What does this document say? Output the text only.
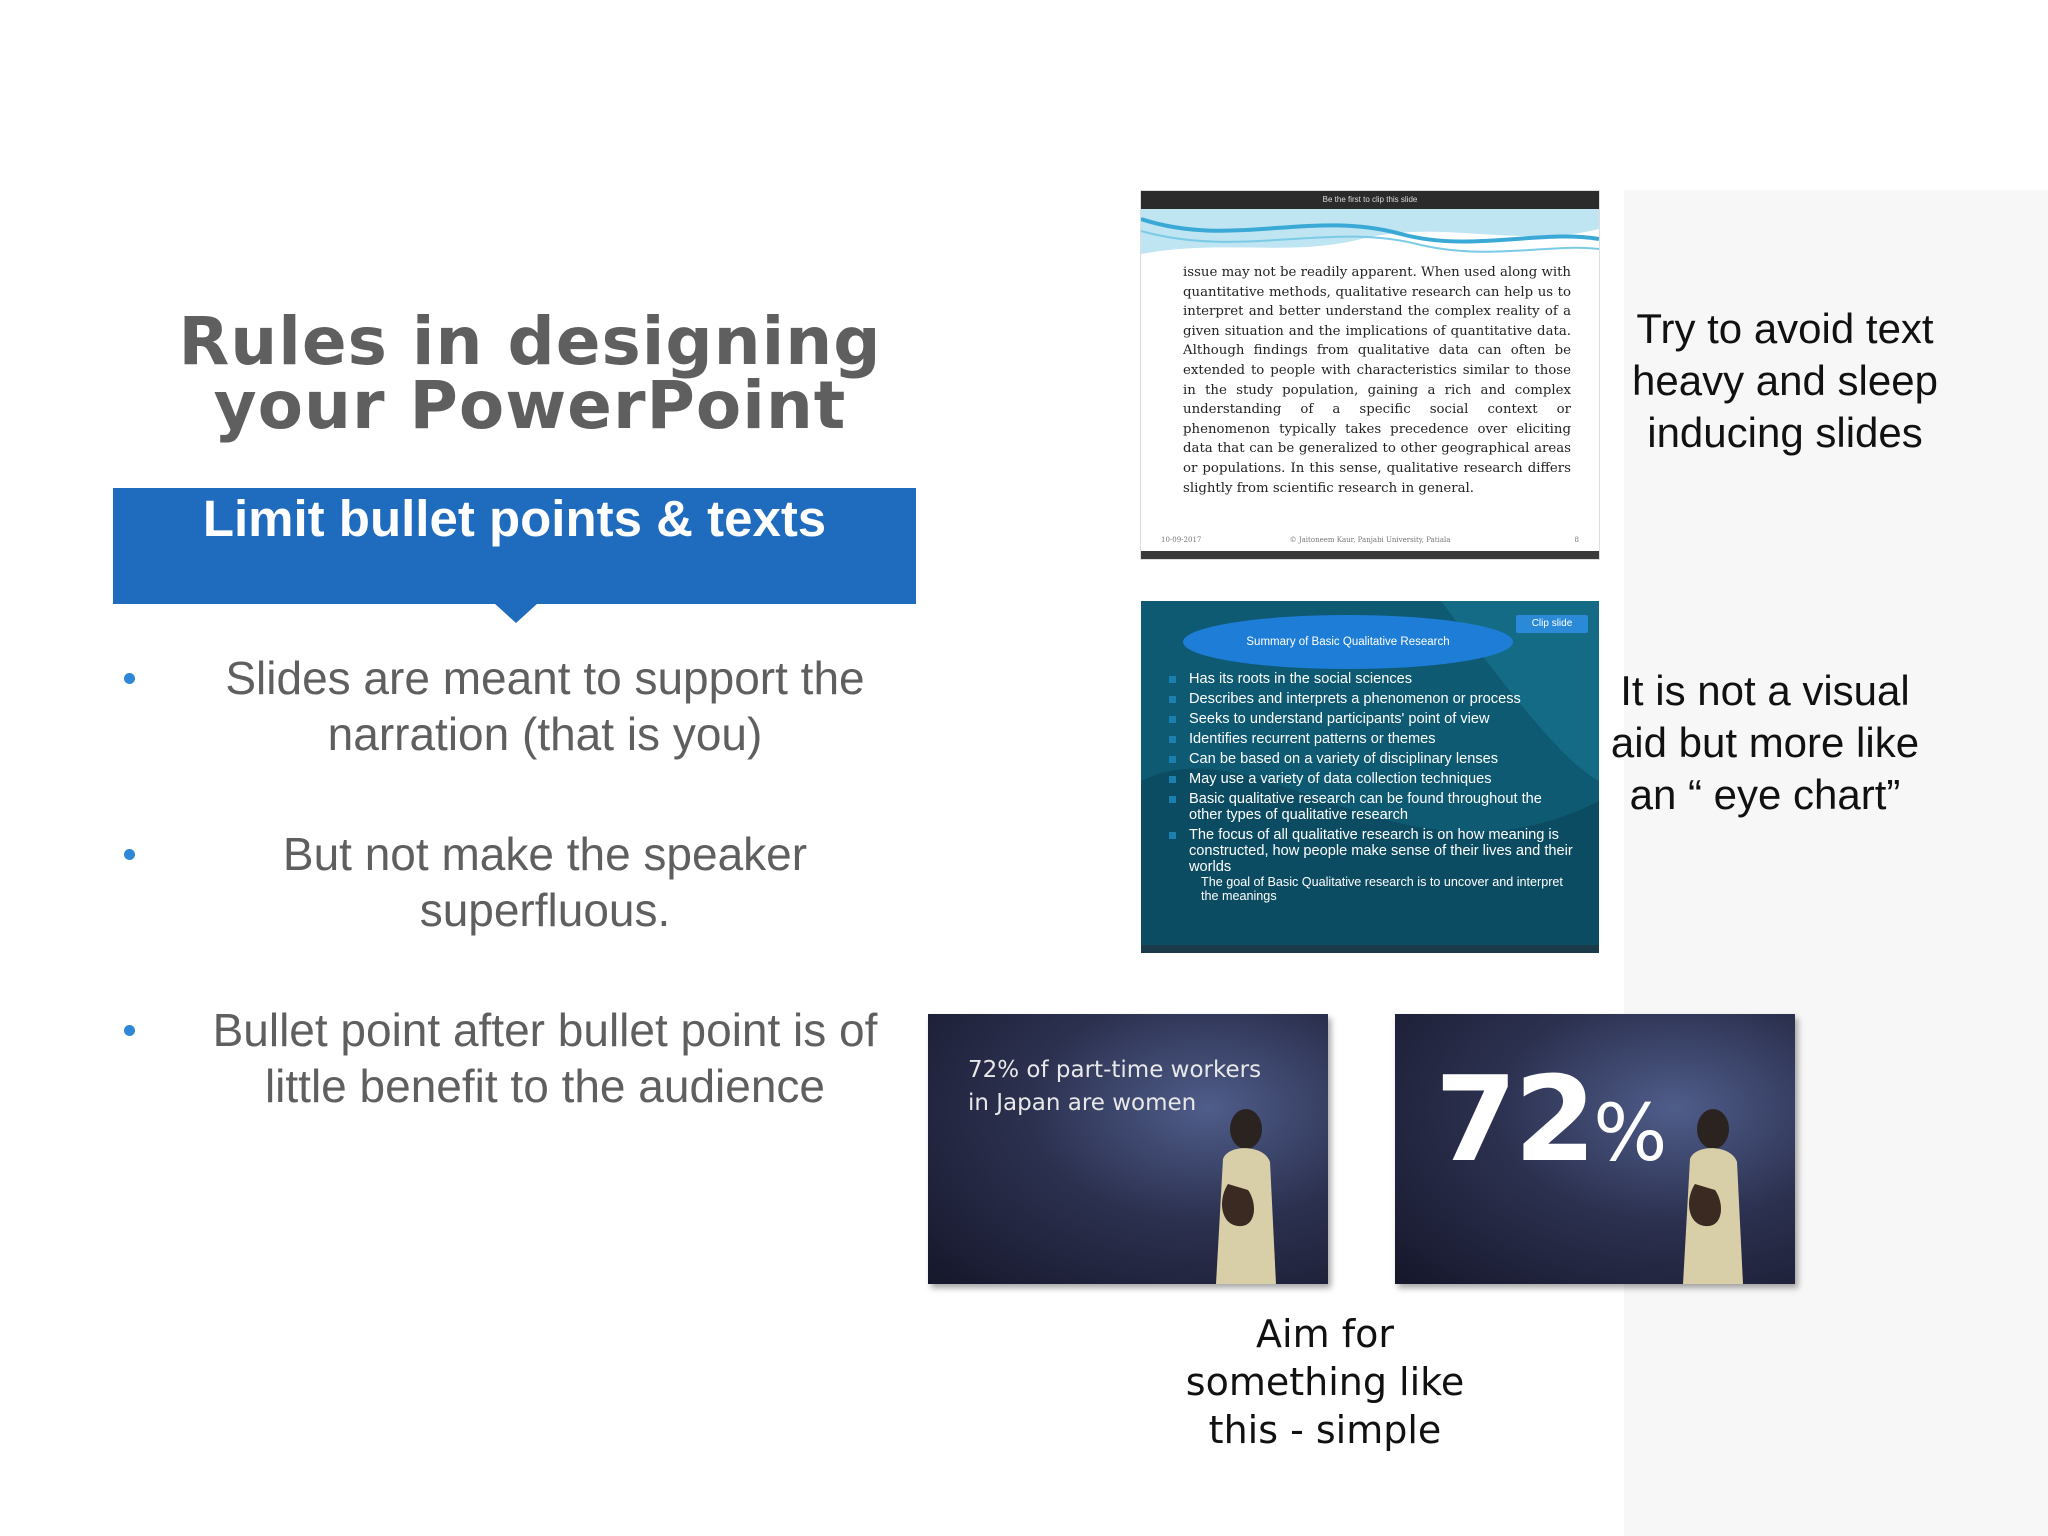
Rules in designing your PowerPoint
Limit bullet points & texts
Slides are meant to support the narration (that is you)
But not make the speaker superfluous.
Bullet point after bullet point is of little benefit to the audience
Be the first to clip this slide
issue may not be readily apparent. When used along with quantitative methods, qualitative research can help us to interpret and better understand the complex reality of a given situation and the implications of quantitative data. Although findings from qualitative data can often be extended to people with characteristics similar to those in the study population, gaining a rich and complex understanding of a specific social context or phenomenon typically takes precedence over eliciting data that can be generalized to other geographical areas or populations. In this sense, qualitative research differs slightly from scientific research in general.
10-09-2017	© Jaitoneem Kaur, Panjabi University, Patiala	8
Try to avoid text heavy and sleep inducing slides
Summary of Basic Qualitative Research
Clip slide
Has its roots in the social sciences
Describes and interprets a phenomenon or process
Seeks to understand participants' point of view
Identifies recurrent patterns or themes
Can be based on a variety of disciplinary lenses
May use a variety of data collection techniques
Basic qualitative research can be found throughout the other types of qualitative research
The focus of all qualitative research is on how meaning is constructed, how people make sense of their lives and their worlds
The goal of Basic Qualitative research is to uncover and interpret the meanings
It is not a visual aid but more like an “ eye chart”
72% of part-time workers in Japan are women	72%
Aim for something like this - simple
